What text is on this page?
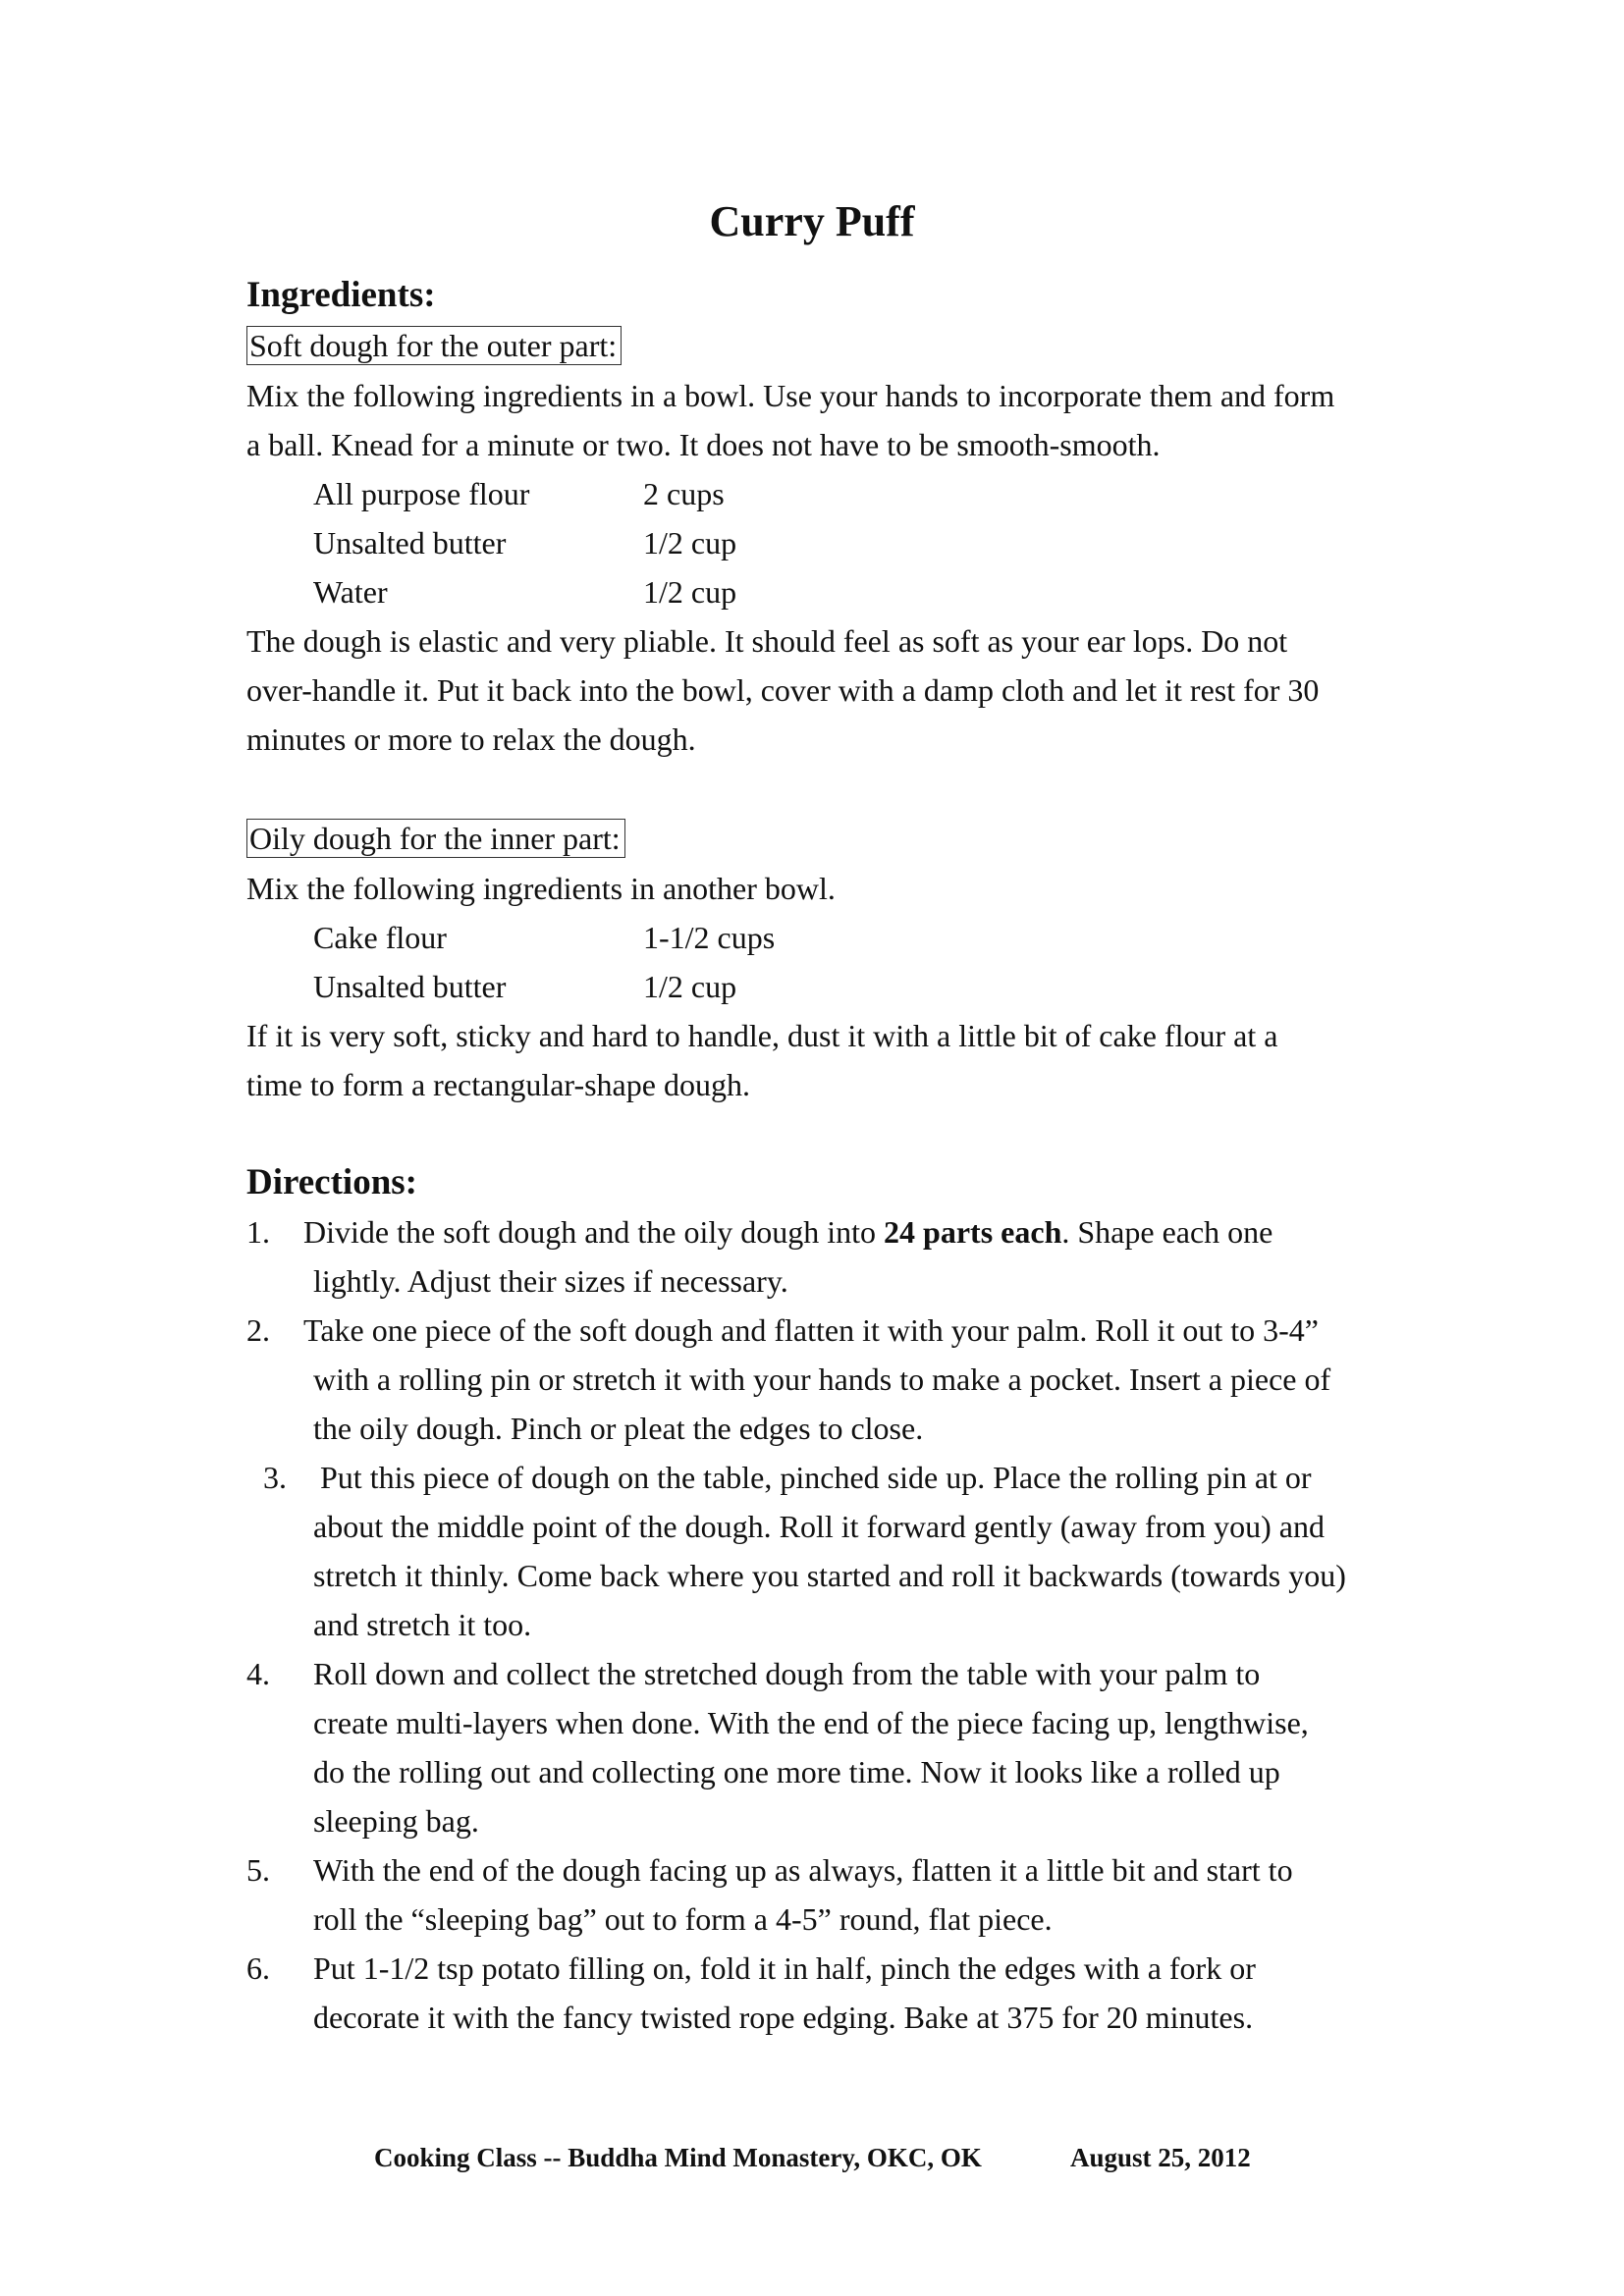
Curry Puff
Ingredients:
Soft dough for the outer part:
Mix the following ingredients in a bowl. Use your hands to incorporate them and form
a ball. Knead for a minute or two. It does not have to be smooth-smooth.
All purpose flour	2 cups
Unsalted butter	1/2 cup
Water	1/2 cup
The dough is elastic and very pliable. It should feel as soft as your ear lops. Do not
over-handle it. Put it back into the bowl, cover with a damp cloth and let it rest for 30
minutes or more to relax the dough.
Oily dough for the inner part:
Mix the following ingredients in another bowl.
Cake flour	1-1/2 cups
Unsalted butter	1/2 cup
If it is very soft, sticky and hard to handle, dust it with a little bit of cake flour at a
time to form a rectangular-shape dough.
Directions:
1. Divide the soft dough and the oily dough into 24 parts each. Shape each one
lightly. Adjust their sizes if necessary.
2. Take one piece of the soft dough and flatten it with your palm. Roll it out to 3-4”
with a rolling pin or stretch it with your hands to make a pocket. Insert a piece of
the oily dough. Pinch or pleat the edges to close.
3. Put this piece of dough on the table, pinched side up. Place the rolling pin at or
about the middle point of the dough. Roll it forward gently (away from you) and
stretch it thinly. Come back where you started and roll it backwards (towards you)
and stretch it too.
4. Roll down and collect the stretched dough from the table with your palm to
create multi-layers when done. With the end of the piece facing up, lengthwise,
do the rolling out and collecting one more time. Now it looks like a rolled up
sleeping bag.
5. With the end of the dough facing up as always, flatten it a little bit and start to
roll the “sleeping bag” out to form a 4-5” round, flat piece.
6. Put 1-1/2 tsp potato filling on, fold it in half, pinch the edges with a fork or
decorate it with the fancy twisted rope edging. Bake at 375 for 20 minutes.
Cooking Class -- Buddha Mind Monastery, OKC, OK	August 25, 2012
